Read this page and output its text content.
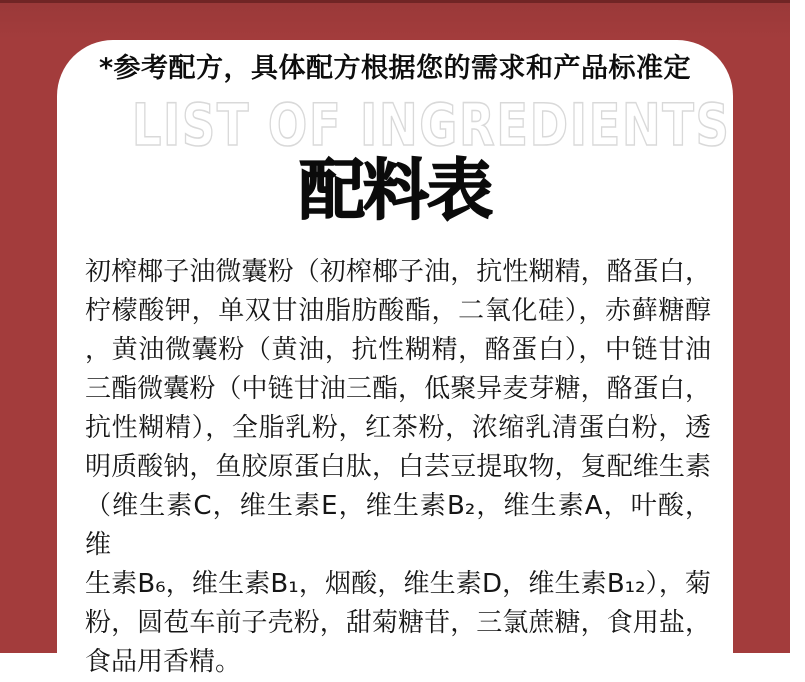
*参考配方，具体配方根据您的需求和产品标准定
LIST OF INGREDIENTS
配料表
初榨椰子油微囊粉（初榨椰子油，抗性糊精，酪蛋白，
柠檬酸钾，单双甘油脂肪酸酯，二氧化硅），赤藓糖醇
，黄油微囊粉（黄油，抗性糊精，酪蛋白），中链甘油
三酯微囊粉（中链甘油三酯，低聚异麦芽糖，酪蛋白，
抗性糊精），全脂乳粉，红茶粉，浓缩乳清蛋白粉，透
明质酸钠，鱼胶原蛋白肽，白芸豆提取物，复配维生素
（维生素C，维生素E，维生素B₂，维生素A，叶酸，维
生素B₆，维生素B₁，烟酸，维生素D，维生素B₁₂），菊
粉，圆苞车前子壳粉，甜菊糖苷，三氯蔗糖，食用盐，
食品用香精。
